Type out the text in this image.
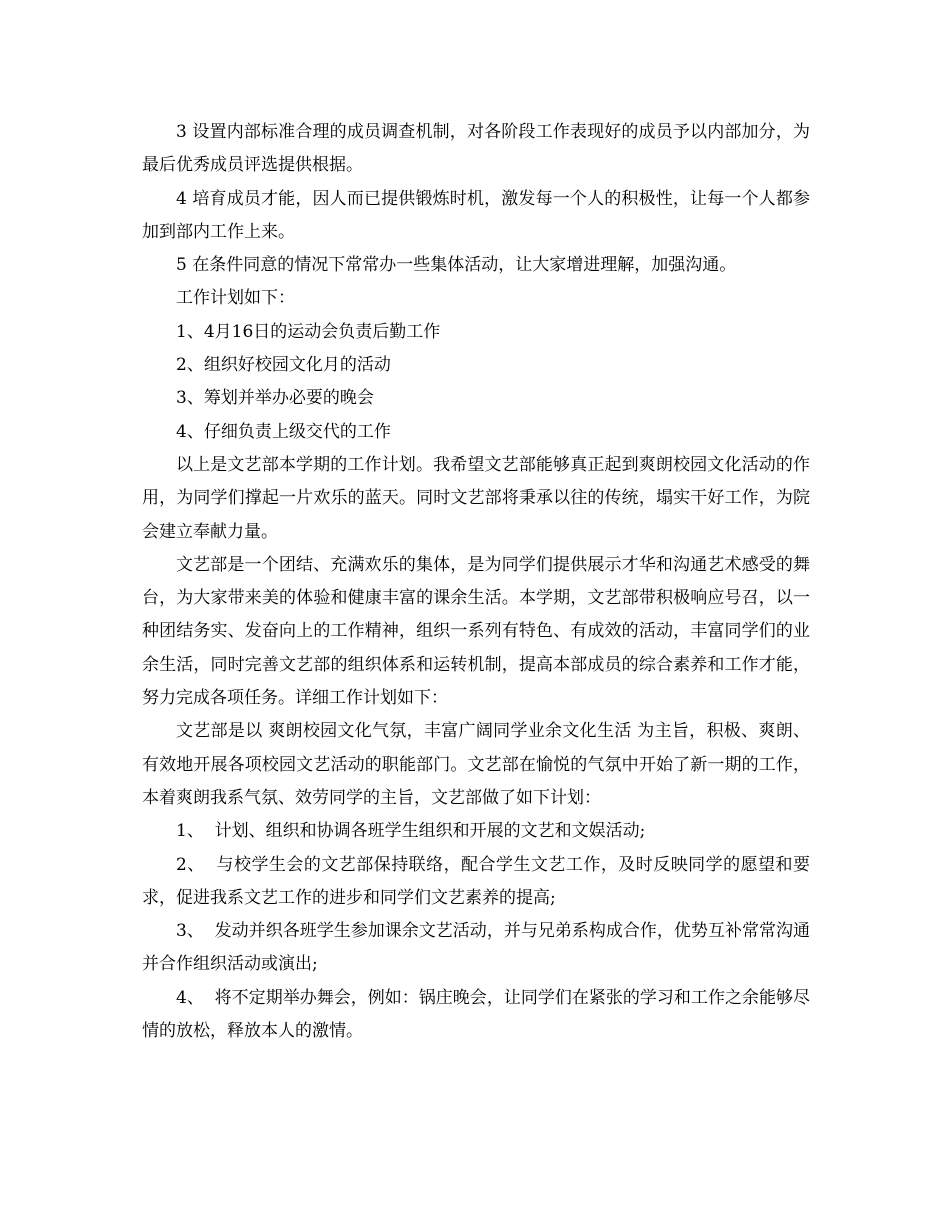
3 设置内部标准合理的成员调查机制，对各阶段工作表现好的成员予以内部加分，为最后优秀成员评选提供根据。

4 培育成员才能，因人而已提供锻炼时机，激发每一个人的积极性，让每一个人都参加到部内工作上来。

5 在条件同意的情况下常常办一些集体活动，让大家增进理解，加强沟通。

工作计划如下：

1、4月16日的运动会负责后勤工作

2、组织好校园文化月的活动

3、筹划并举办必要的晚会

4、仔细负责上级交代的工作

以上是文艺部本学期的工作计划。我希望文艺部能够真正起到爽朗校园文化活动的作用，为同学们撑起一片欢乐的蓝天。同时文艺部将秉承以往的传统，塌实干好工作，为院会建立奉献力量。

文艺部是一个团结、充满欢乐的集体，是为同学们提供展示才华和沟通艺术感受的舞台，为大家带来美的体验和健康丰富的课余生活。本学期，文艺部带积极响应号召，以一种团结务实、发奋向上的工作精神，组织一系列有特色、有成效的活动，丰富同学们的业余生活，同时完善文艺部的组织体系和运转机制，提高本部成员的综合素养和工作才能，努力完成各项任务。详细工作计划如下：

文艺部是以 爽朗校园文化气氛，丰富广阔同学业余文化生活 为主旨，积极、爽朗、有效地开展各项校园文艺活动的职能部门。文艺部在愉悦的气氛中开始了新一期的工作，本着爽朗我系气氛、效劳同学的主旨，文艺部做了如下计划：

1、  计划、组织和协调各班学生组织和开展的文艺和文娱活动;

2、  与校学生会的文艺部保持联络，配合学生文艺工作，及时反映同学的愿望和要求，促进我系文艺工作的进步和同学们文艺素养的提高;

3、  发动并织各班学生参加课余文艺活动，并与兄弟系构成合作，优势互补常常沟通并合作组织活动或演出;

4、  将不定期举办舞会，例如：锅庄晚会，让同学们在紧张的学习和工作之余能够尽情的放松，释放本人的激情。
